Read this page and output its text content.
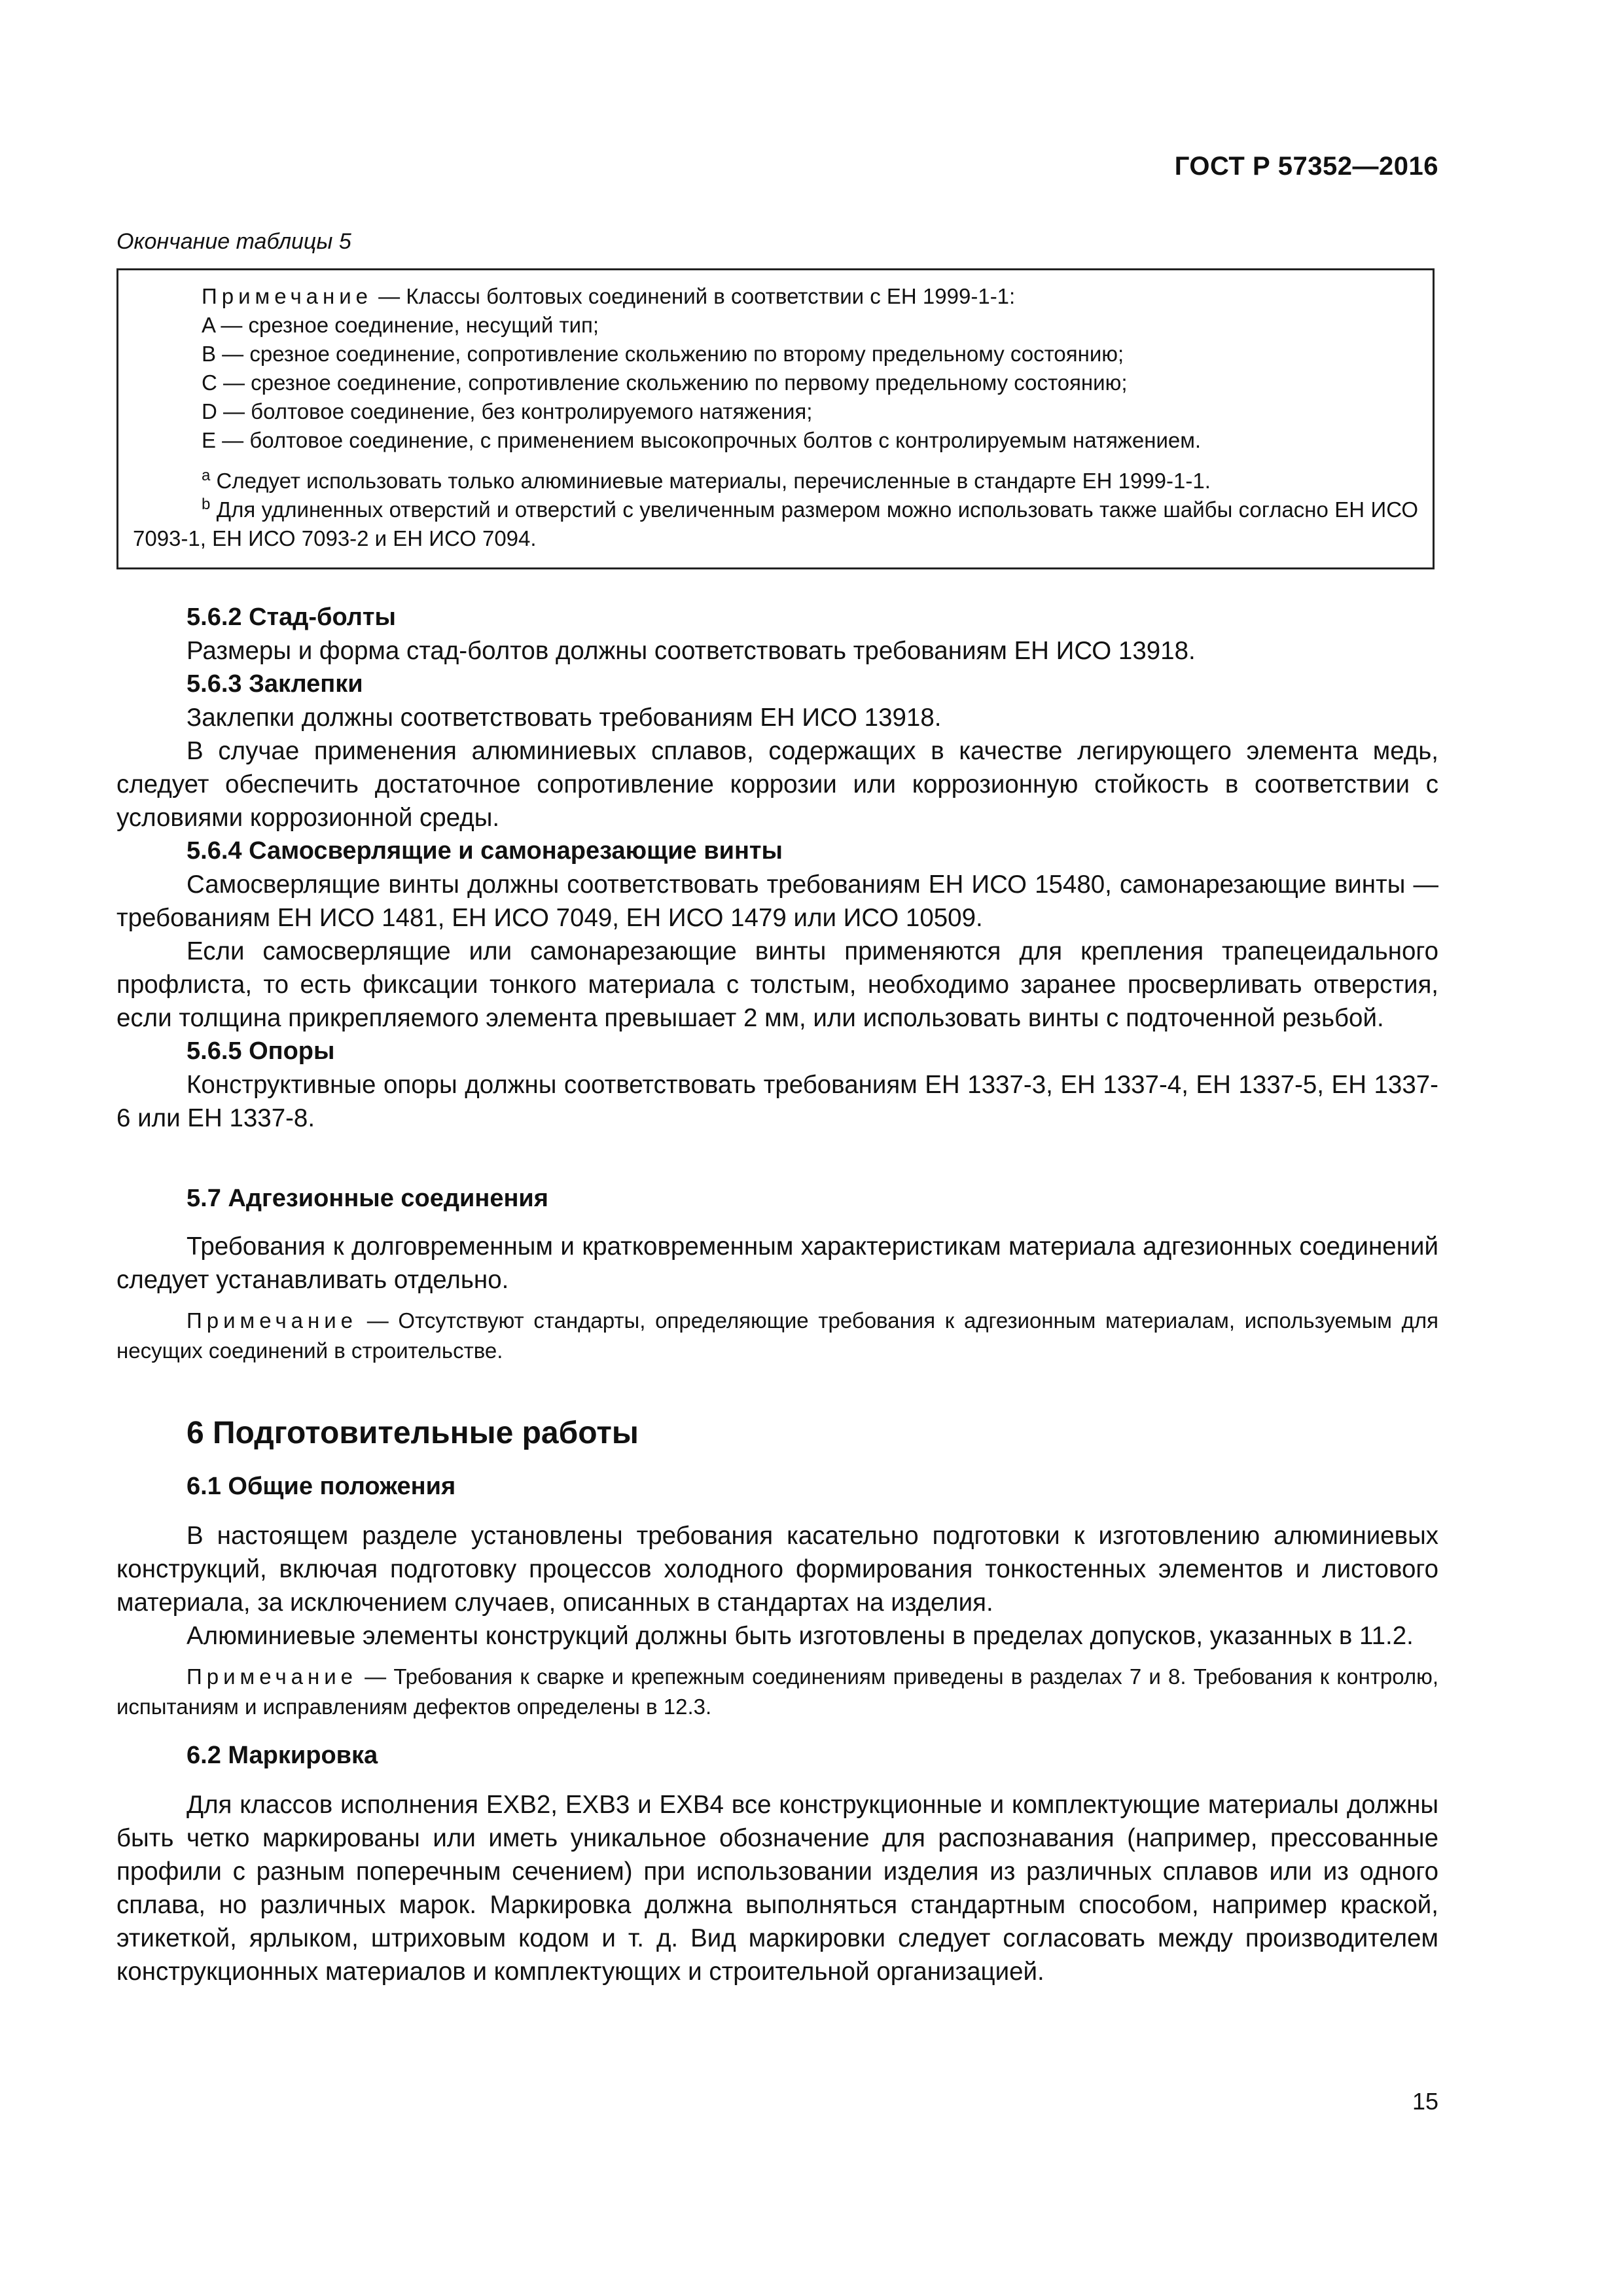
ГОСТ Р 57352—2016
Окончание таблицы 5
Примечание — Классы болтовых соединений в соответствии с ЕН 1999-1-1:
A — срезное соединение, несущий тип;
B — срезное соединение, сопротивление скольжению по второму предельному состоянию;
C — срезное соединение, сопротивление скольжению по первому предельному состоянию;
D — болтовое соединение, без контролируемого натяжения;
E — болтовое соединение, с применением высокопрочных болтов с контролируемым натяжением.
$^a$ Следует использовать только алюминиевые материалы, перечисленные в стандарте ЕН 1999-1-1.
$^b$ Для удлиненных отверстий и отверстий с увеличенным размером можно использовать также шайбы согласно ЕН ИСО 7093-1, ЕН ИСО 7093-2 и ЕН ИСО 7094.
5.6.2 Стад-болты

Размеры и форма стад-болтов должны соответствовать требованиям ЕН ИСО 13918.

5.6.3 Заклепки

Заклепки должны соответствовать требованиям ЕН ИСО 13918.

В случае применения алюминиевых сплавов, содержащих в качестве легирующего элемента медь, следует обеспечить достаточное сопротивление коррозии или коррозионную стойкость в соответствии с условиями коррозионной среды.

5.6.4 Самосверлящие и самонарезающие винты

Самосверлящие винты должны соответствовать требованиям ЕН ИСО 15480, самонарезающие винты — требованиям ЕН ИСО 1481, ЕН ИСО 7049, ЕН ИСО 1479 или ИСО 10509.

Если самосверлящие или самонарезающие винты применяются для крепления трапецеидального профлиста, то есть фиксации тонкого материала с толстым, необходимо заранее просверливать отверстия, если толщина прикрепляемого элемента превышает 2 мм, или использовать винты с подточенной резьбой.

5.6.5 Опоры

Конструктивные опоры должны соответствовать требованиям ЕН 1337-3, ЕН 1337-4, ЕН 1337-5, ЕН 1337-6 или ЕН 1337-8.

5.7 Адгезионные соединения

Требования к долговременным и кратковременным характеристикам материала адгезионных соединений следует устанавливать отдельно.

Примечание — Отсутствуют стандарты, определяющие требования к адгезионным материалам, используемым для несущих соединений в строительстве.
6 Подготовительные работы
6.1 Общие положения

В настоящем разделе установлены требования касательно подготовки к изготовлению алюминиевых конструкций, включая подготовку процессов холодного формирования тонкостенных элементов и листового материала, за исключением случаев, описанных в стандартах на изделия.

Алюминиевые элементы конструкций должны быть изготовлены в пределах допусков, указанных в 11.2.

Примечание — Требования к сварке и крепежным соединениям приведены в разделах 7 и 8. Требования к контролю, испытаниям и исправлениям дефектов определены в 12.3.
6.2 Маркировка

Для классов исполнения EXB2, EXB3 и EXB4 все конструкционные и комплектующие материалы должны быть четко маркированы или иметь уникальное обозначение для распознавания (например, прессованные профили с разным поперечным сечением) при использовании изделия из различных сплавов или из одного сплава, но различных марок. Маркировка должна выполняться стандартным способом, например краской, этикеткой, ярлыком, штриховым кодом и т. д. Вид маркировки следует согласовать между производителем конструкционных материалов и комплектующих и строительной организацией.

15
